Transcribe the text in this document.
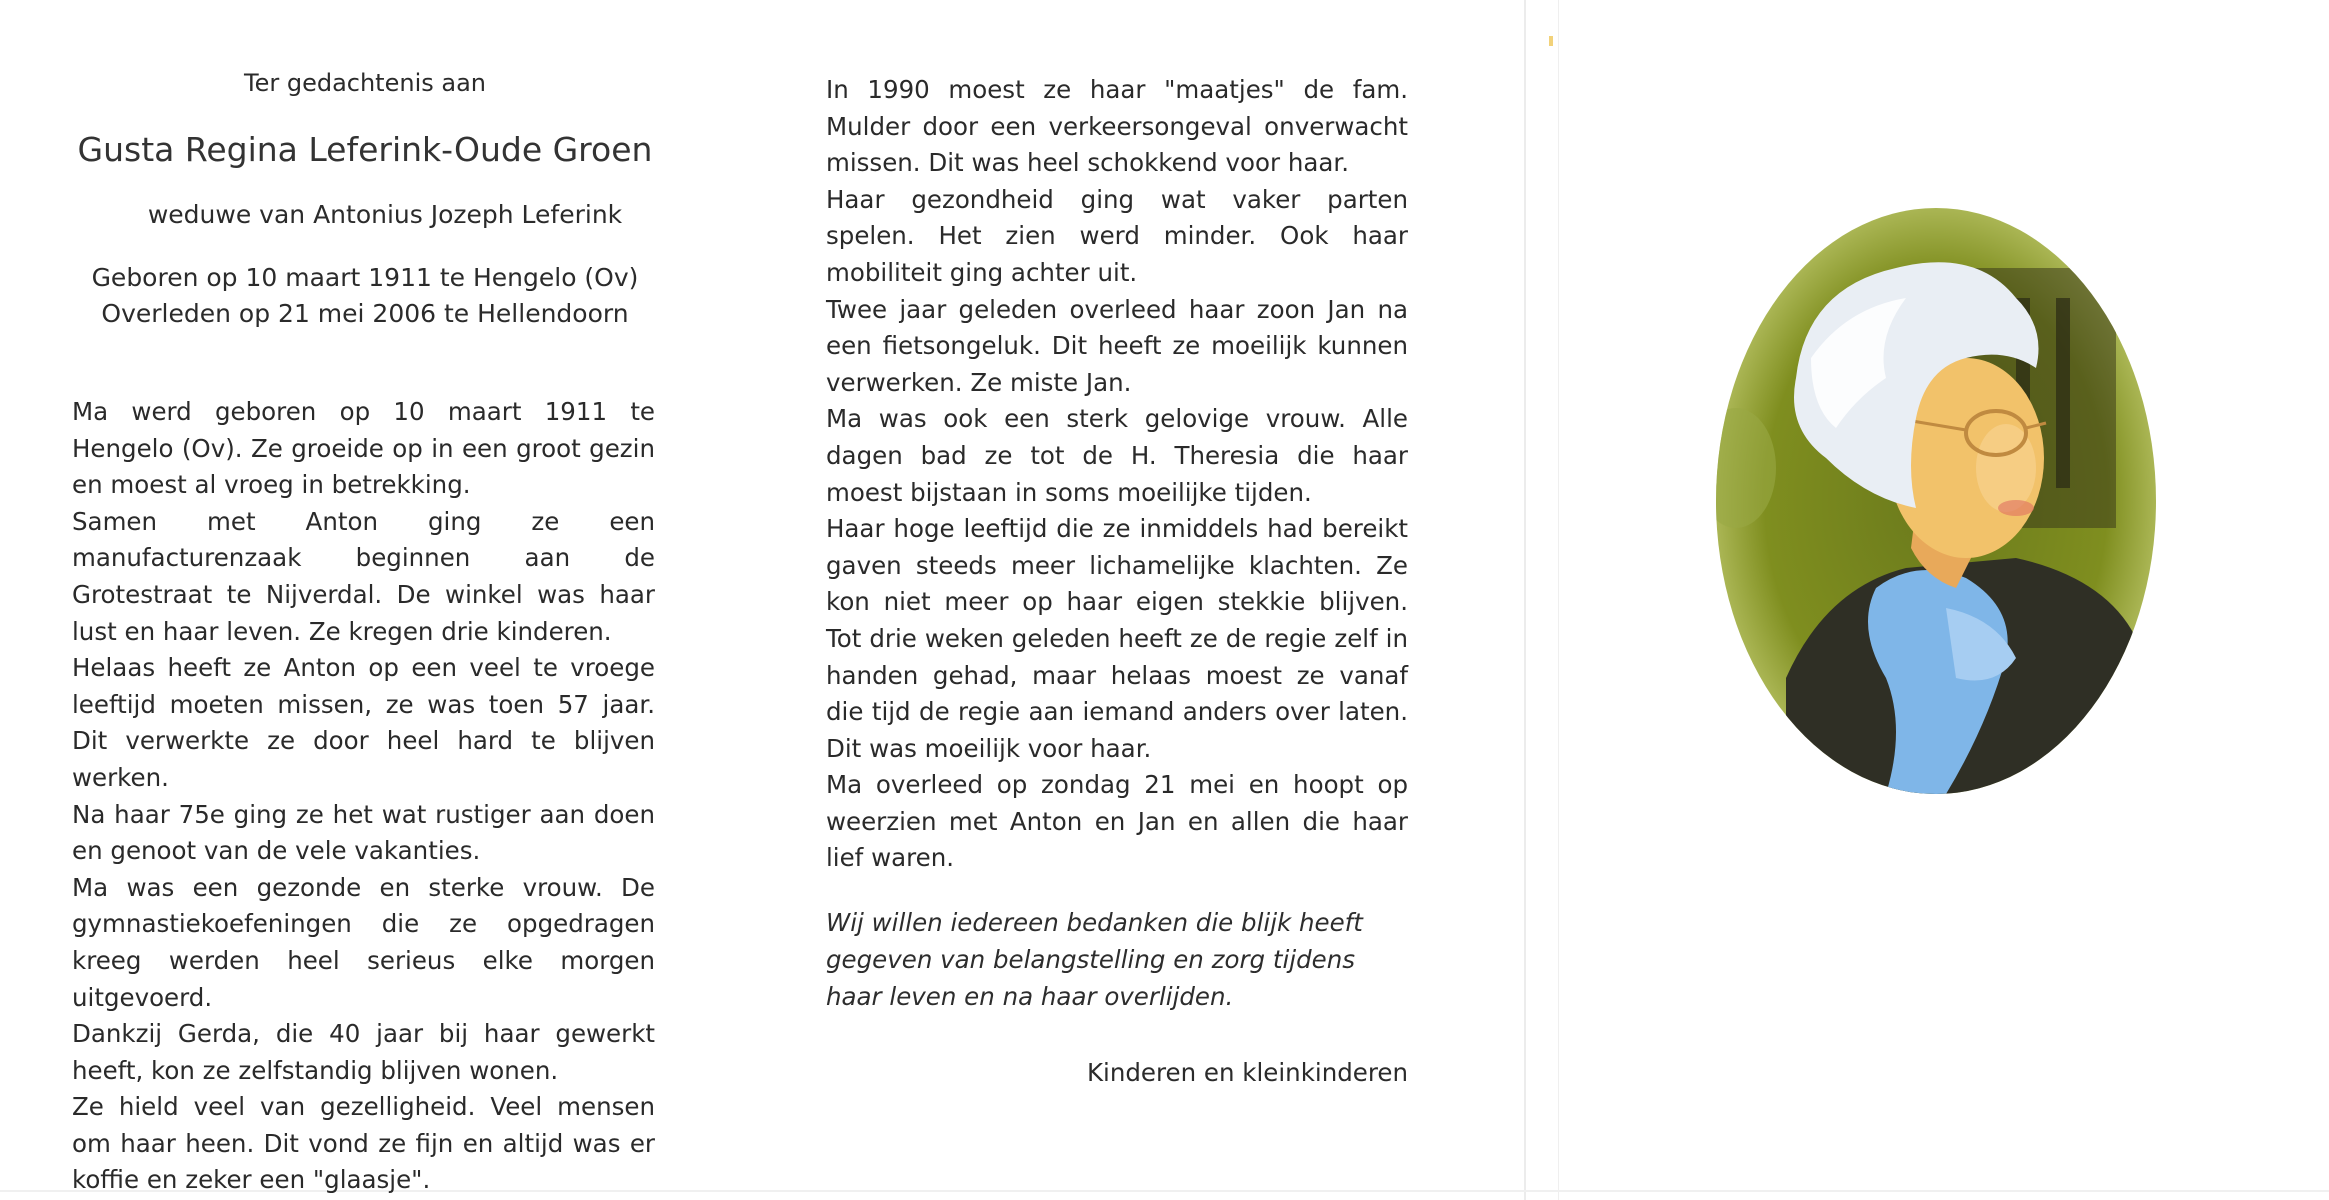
Ter gedachtenis aan
Gusta Regina Leferink-Oude Groen
weduwe van Antonius Jozeph Leferink
Geboren op 10 maart 1911 te Hengelo (Ov)
Overleden op 21 mei 2006 te Hellendoorn

Ma werd geboren op 10 maart 1911 te Hengelo (Ov). Ze groeide op in een groot gezin en moest al vroeg in betrekking.

Samen met Anton ging ze een manufacturenzaak beginnen aan de Grotestraat te Nijverdal. De winkel was haar lust en haar leven. Ze kregen drie kinderen.

Helaas heeft ze Anton op een veel te vroege leeftijd moeten missen, ze was toen 57 jaar. Dit verwerkte ze door heel hard te blijven werken.

Na haar 75e ging ze het wat rustiger aan doen en genoot van de vele vakanties.

Ma was een gezonde en sterke vrouw. De gymnastiekoefeningen die ze opgedragen kreeg werden heel serieus elke morgen uitgevoerd.

Dankzij Gerda, die 40 jaar bij haar gewerkt heeft, kon ze zelfstandig blijven wonen.

Ze hield veel van gezelligheid. Veel mensen om haar heen. Dit vond ze fijn en altijd was er koffie en zeker een "glaasje".

In 1990 moest ze haar "maatjes" de fam. Mulder door een verkeersongeval onverwacht missen. Dit was heel schokkend voor haar.

Haar gezondheid ging wat vaker parten spelen. Het zien werd minder. Ook haar mobiliteit ging achter uit.

Twee jaar geleden overleed haar zoon Jan na een fietsongeluk. Dit heeft ze moeilijk kunnen verwerken. Ze miste Jan.

Ma was ook een sterk gelovige vrouw. Alle dagen bad ze tot de H. Theresia die haar moest bijstaan in soms moeilijke tijden.

Haar hoge leeftijd die ze inmiddels had bereikt gaven steeds meer lichamelijke klachten. Ze kon niet meer op haar eigen stekkie blijven. Tot drie weken geleden heeft ze de regie zelf in handen gehad, maar helaas moest ze vanaf die tijd de regie aan iemand anders over laten. Dit was moeilijk voor haar.

Ma overleed op zondag 21 mei en hoopt op weerzien met Anton en Jan en allen die haar lief waren.

Wij willen iedereen bedanken die blijk heeft gegeven van belangstelling en zorg tijdens haar leven en na haar overlijden.
Kinderen en kleinkinderen
